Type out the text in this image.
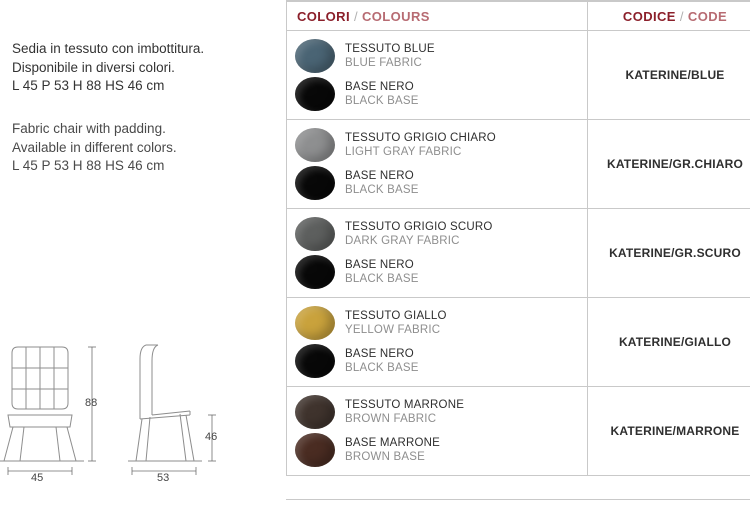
Sedia in tessuto con imbottitura.
Disponibile in diversi colori.
L 45 P 53 H 88 HS 46 cm
Fabric chair with padding.
Available in different colors.
L 45 P 53 H 88 HS 46 cm
45
88
53
46
COLORI / COLOURS	CODICE / CODE

TESSUTO BLUE
BLUE FABRIC
BASE NERO
BLACK BASE	KATERINE/BLUE

TESSUTO GRIGIO CHIARO
LIGHT GRAY FABRIC
BASE NERO
BLACK BASE	KATERINE/GR.CHIARO

TESSUTO GRIGIO SCURO
DARK GRAY FABRIC
BASE NERO
BLACK BASE	KATERINE/GR.SCURO

TESSUTO GIALLO
YELLOW FABRIC
BASE NERO
BLACK BASE	KATERINE/GIALLO

TESSUTO MARRONE
BROWN FABRIC
BASE MARRONE
BROWN BASE	KATERINE/MARRONE
